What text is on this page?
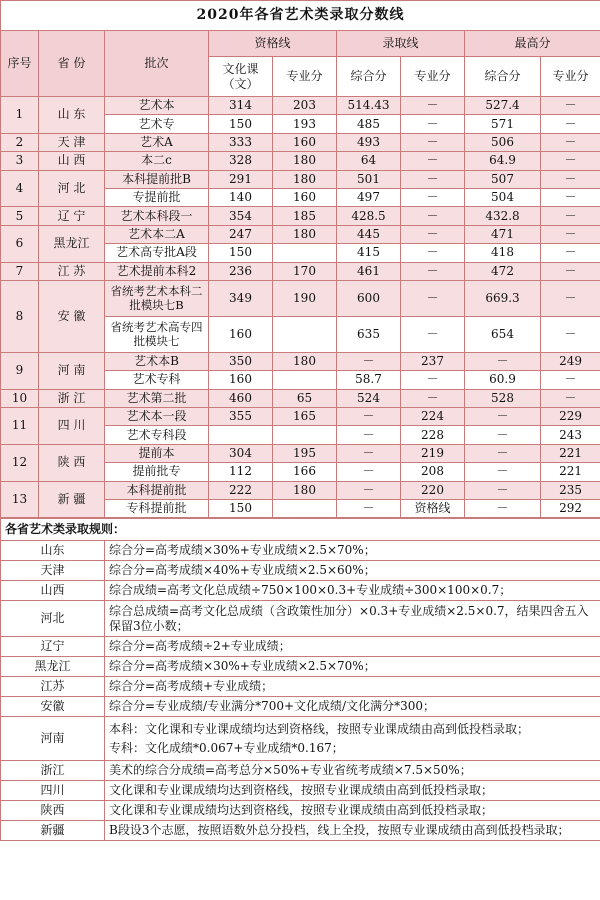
2020年各省艺术类录取分数线								
序号	省 份	批次	资格线		录取线		最高分	
			文化课（文）	专业分	综合分	专业分	综合分	专业分
1	山 东	艺术本	314	203	514.43	－	527.4	－
		艺术专	150	193	485	－	571	－
2	天 津	艺术A	333	160	493	－	506	－
3	山 西	本二c	328	180	64	－	64.9	－
4	河 北	本科提前批B	291	180	501	－	507	－
		专提前批	140	160	497	－	504	－
5	辽 宁	艺术本科段一	354	185	428.5	－	432.8	－
6	黑龙江	艺术本二A	247	180	445	－	471	－
		艺术高专批A段	150		415	－	418	－
7	江 苏	艺术提前本科2	236	170	461	－	472	－
8	安 徽	省统考艺术本科二批模块七B	349	190	600	－	669.3	－
		省统考艺术高专四批模块七	160		635	－	654	－
9	河 南	艺术本B	350	180	－	237	－	249
		艺术专科	160		58.7	－	60.9	－
10	浙 江	艺术第二批	460	65	524	－	528	－
11	四 川	艺术本一段	355	165	－	224	－	229
		艺术专科段			－	228	－	243
12	陕 西	提前本	304	195	－	219	－	221
		提前批专	112	166	－	208	－	221
13	新 疆	本科提前批	222	180	－	220	－	235
		专科提前批	150		－	资格线	－	292
各省艺术类录取规则：	
山东	综合分=高考成绩×30%+专业成绩×2.5×70%；

天津	综合分=高考成绩×40%+专业成绩×2.5×60%；

山西	综合成绩=高考文化总成绩÷750×100×0.3+专业成绩÷300×100×0.7；

河北	综合总成绩=高考文化总成绩（含政策性加分）×0.3+专业成绩×2.5×0.7，结果四舍五入保留3位小数；

辽宁	综合分=高考成绩÷2+专业成绩；

黑龙江	综合分=高考成绩×30%+专业成绩×2.5×70%；

江苏	综合分=高考成绩+专业成绩；

安徽	综合分=专业成绩/专业满分*700+文化成绩/文化满分*300；

河南	本科：文化课和专业课成绩均达到资格线，按照专业课成绩由高到低投档录取；
专科：文化成绩*0.067+专业成绩*0.167；

浙江	美术的综合分成绩=高考总分×50%+专业省统考成绩×7.5×50%；

四川	文化课和专业课成绩均达到资格线，按照专业课成绩由高到低投档录取；

陕西	文化课和专业课成绩均达到资格线，按照专业课成绩由高到低投档录取；

新疆	B段设3个志愿，按照语数外总分投档，线上全投，按照专业课成绩由高到低投档录取；
